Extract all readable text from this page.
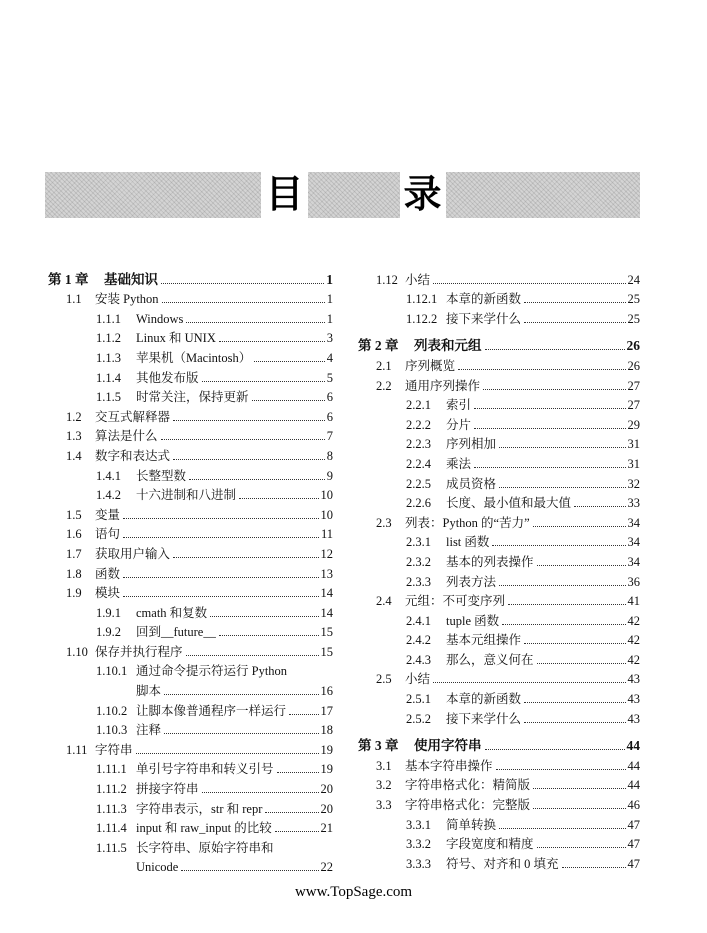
目	录
第 1 章	基础知识	1
1.1	安装 Python	1
1.1.1	Windows	1
1.1.2	Linux 和 UNIX	3
1.1.3	苹果机（Macintosh）	4
1.1.4	其他发布版	5
1.1.5	时常关注，保持更新	6
1.2	交互式解释器	6
1.3	算法是什么	7
1.4	数字和表达式	8
1.4.1	长整型数	9
1.4.2	十六进制和八进制	10
1.5	变量	10
1.6	语句	11
1.7	获取用户输入	12
1.8	函数	13
1.9	模块	14
1.9.1	cmath 和复数	14
1.9.2	回到__future__	15
1.10 保存并执行程序	15
1.10.1 通过命令提示符运行 Python
脚本	16
1.10.2 让脚本像普通程序一样运行	17
1.10.3 注释	18
1.11 字符串	19
1.11.1 单引号字符串和转义引号	19
1.11.2 拼接字符串	20
1.11.3 字符串表示，str 和 repr	20
1.11.4 input 和 raw_input 的比较	21
1.11.5 长字符串、原始字符串和
Unicode	22
1.12 小结	24
1.12.1 本章的新函数	25
1.12.2 接下来学什么	25
第 2 章	列表和元组	26
2.1	序列概览	26
2.2	通用序列操作	27
2.2.1	索引	27
2.2.2	分片	29
2.2.3	序列相加	31
2.2.4	乘法	31
2.2.5	成员资格	32
2.2.6	长度、最小值和最大值	33
2.3	列表：Python 的“苦力”	34
2.3.1	list 函数	34
2.3.2	基本的列表操作	34
2.3.3	列表方法	36
2.4	元组：不可变序列	41
2.4.1	tuple 函数	42
2.4.2	基本元组操作	42
2.4.3	那么，意义何在	42
2.5	小结	43
2.5.1	本章的新函数	43
2.5.2	接下来学什么	43
第 3 章	使用字符串	44
3.1	基本字符串操作	44
3.2	字符串格式化：精简版	44
3.3	字符串格式化：完整版	46
3.3.1	简单转换	47
3.3.2	字段宽度和精度	47
3.3.3	符号、对齐和 0 填充	47
www.TopSage.com
